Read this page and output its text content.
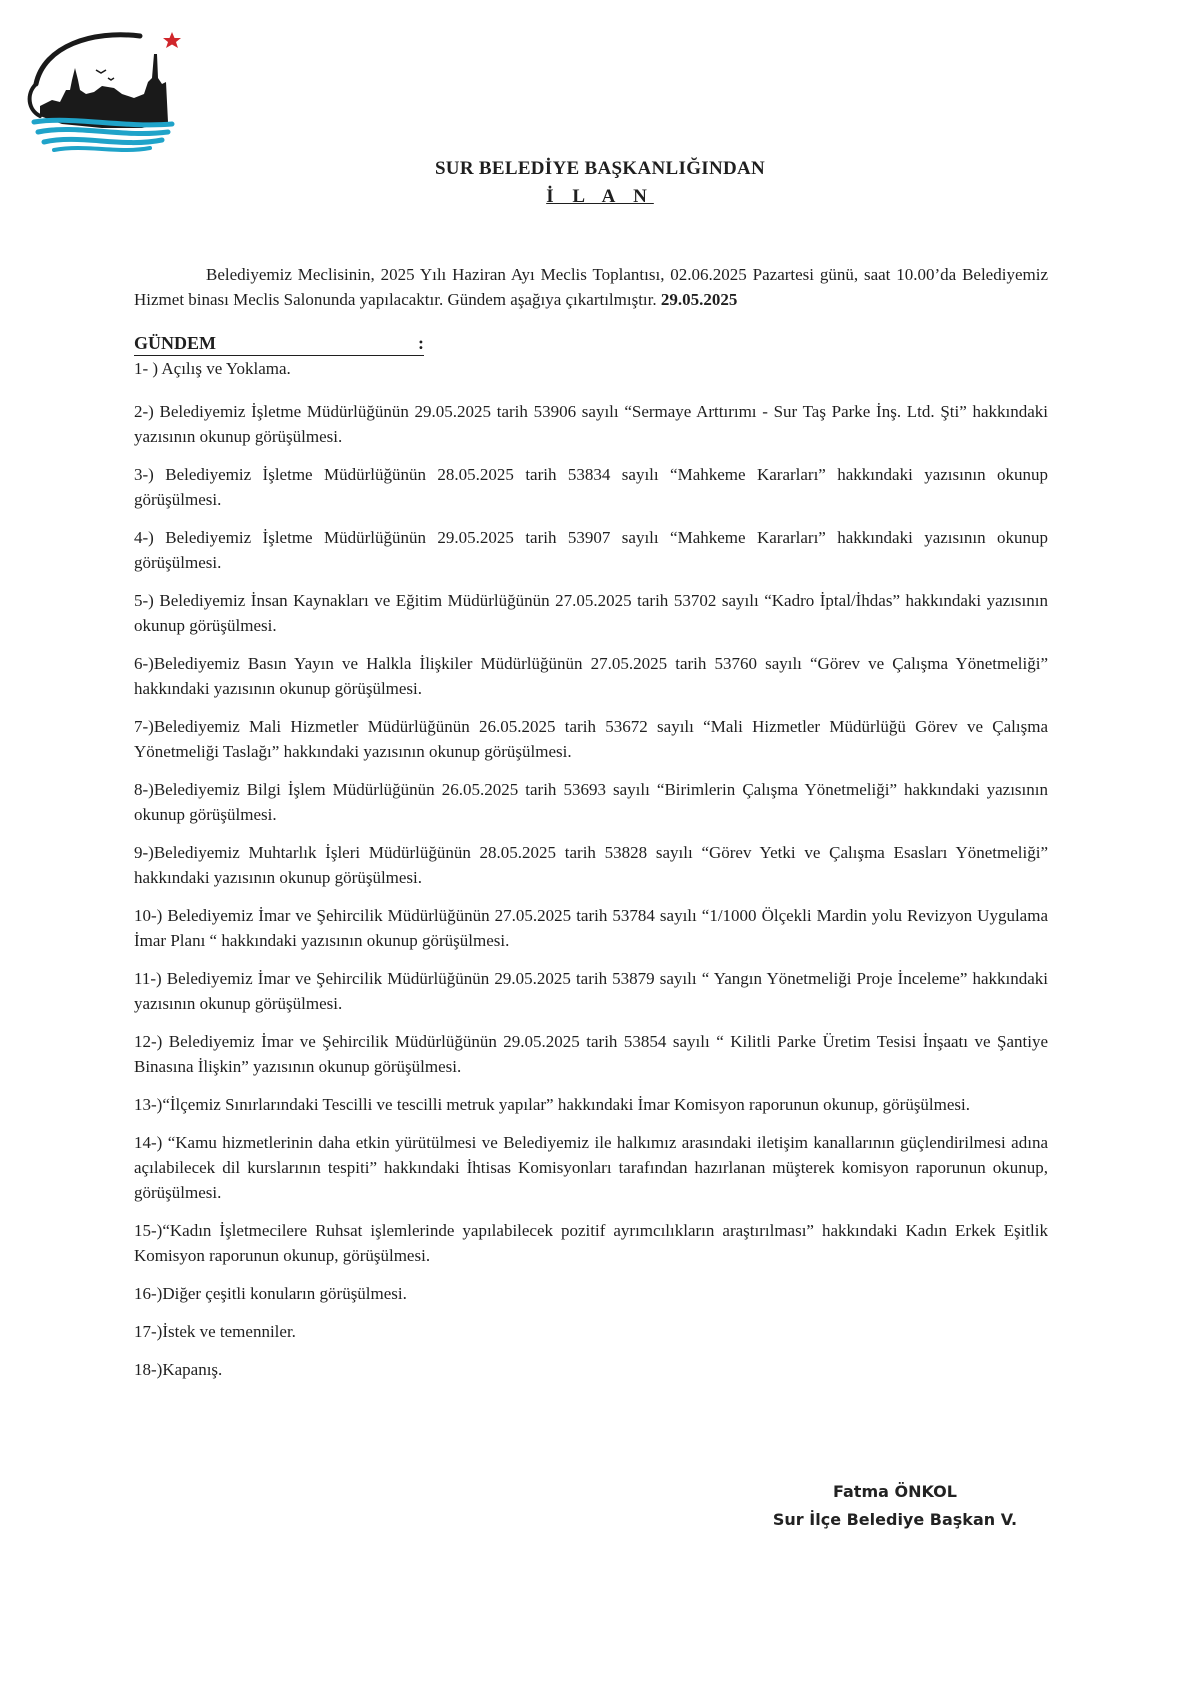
SUR BELEDİYE BAŞKANLIĞINDAN
İ L A N
Belediyemiz Meclisinin, 2025 Yılı Haziran Ayı Meclis Toplantısı, 02.06.2025 Pazartesi günü, saat 10.00’da Belediyemiz Hizmet binası Meclis Salonunda yapılacaktır. Gündem aşağıya çıkartılmıştır. 29.05.2025
GÜNDEM	:
1- ) Açılış ve Yoklama.
2-) Belediyemiz İşletme Müdürlüğünün 29.05.2025 tarih 53906 sayılı “Sermaye Arttırımı - Sur Taş Parke İnş. Ltd. Şti” hakkındaki yazısının okunup görüşülmesi.
3-) Belediyemiz İşletme Müdürlüğünün 28.05.2025 tarih 53834 sayılı “Mahkeme Kararları” hakkındaki yazısının okunup görüşülmesi.
4-) Belediyemiz İşletme Müdürlüğünün 29.05.2025 tarih 53907 sayılı “Mahkeme Kararları” hakkındaki yazısının okunup görüşülmesi.
5-) Belediyemiz İnsan Kaynakları ve Eğitim Müdürlüğünün 27.05.2025 tarih 53702 sayılı “Kadro İptal/İhdas” hakkındaki yazısının okunup görüşülmesi.
6-)Belediyemiz Basın Yayın ve Halkla İlişkiler Müdürlüğünün 27.05.2025 tarih 53760 sayılı “Görev ve Çalışma Yönetmeliği” hakkındaki yazısının okunup görüşülmesi.
7-)Belediyemiz Mali Hizmetler Müdürlüğünün 26.05.2025 tarih 53672 sayılı “Mali Hizmetler Müdürlüğü Görev ve Çalışma Yönetmeliği Taslağı” hakkındaki yazısının okunup görüşülmesi.
8-)Belediyemiz Bilgi İşlem Müdürlüğünün 26.05.2025 tarih 53693 sayılı “Birimlerin Çalışma Yönetmeliği” hakkındaki yazısının okunup görüşülmesi.
9-)Belediyemiz Muhtarlık İşleri Müdürlüğünün 28.05.2025 tarih 53828 sayılı “Görev Yetki ve Çalışma Esasları Yönetmeliği” hakkındaki yazısının okunup görüşülmesi.
10-) Belediyemiz İmar ve Şehircilik Müdürlüğünün 27.05.2025 tarih 53784 sayılı “1/1000 Ölçekli Mardin yolu Revizyon Uygulama İmar Planı “ hakkındaki yazısının okunup görüşülmesi.
11-) Belediyemiz İmar ve Şehircilik Müdürlüğünün 29.05.2025 tarih 53879 sayılı “ Yangın Yönetmeliği Proje İnceleme” hakkındaki yazısının okunup görüşülmesi.
12-) Belediyemiz İmar ve Şehircilik Müdürlüğünün 29.05.2025 tarih 53854 sayılı “ Kilitli Parke Üretim Tesisi İnşaatı ve Şantiye Binasına İlişkin” yazısının okunup görüşülmesi.
13-)“İlçemiz Sınırlarındaki Tescilli ve tescilli metruk yapılar” hakkındaki İmar Komisyon raporunun okunup, görüşülmesi.
14-) “Kamu hizmetlerinin daha etkin yürütülmesi ve Belediyemiz ile halkımız arasındaki iletişim kanallarının güçlendirilmesi adına açılabilecek dil kurslarının tespiti” hakkındaki İhtisas Komisyonları tarafından hazırlanan müşterek komisyon raporunun okunup, görüşülmesi.
15-)“Kadın İşletmecilere Ruhsat işlemlerinde yapılabilecek pozitif ayrımcılıkların araştırılması” hakkındaki Kadın Erkek Eşitlik Komisyon raporunun okunup, görüşülmesi.
16-)Diğer çeşitli konuların görüşülmesi.
17-)İstek ve temenniler.
18-)Kapanış.
Fatma ÖNKOL
Sur İlçe Belediye Başkan V.
